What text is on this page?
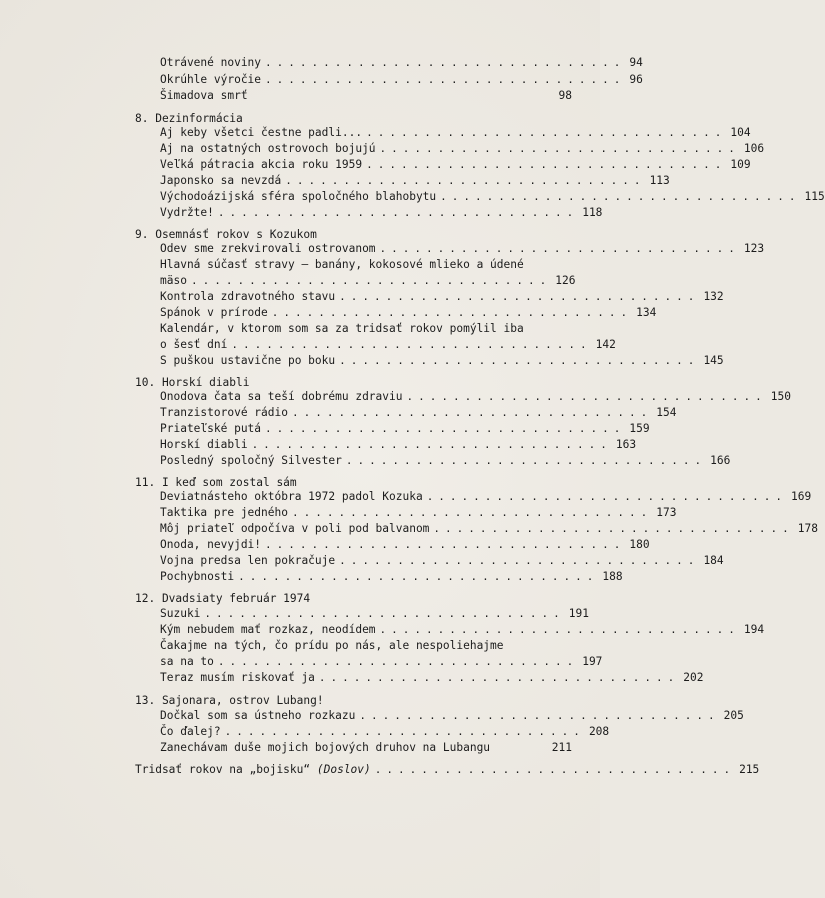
Otrávené noviny ............................... 94
Okrúhle výročie ............................... 96
Šimadova smrť	98
8. Dezinformácia
Aj keby všetci čestne padli... ............................... 104
Aj na ostatných ostrovoch bojujú ............................... 106
Veľká pátracia akcia roku 1959 ............................... 109
Japonsko sa nevzdá ............................... 113
Východoázijská sféra spoločného blahobytu ............................... 115
Vydržte! ............................... 118
9. Osemnásť rokov s Kozukom
Odev sme zrekvirovali ostrovanom ............................... 123
Hlavná súčasť stravy — banány, kokosové mlieko a údené
mäso ............................... 126
Kontrola zdravotného stavu ............................... 132
Spánok v prírode ............................... 134
Kalendár, v ktorom som sa za tridsať rokov pomýlil iba
o šesť dní ............................... 142
S puškou ustavične po boku ............................... 145
10. Horskí diabli
Onodova čata sa teší dobrému zdraviu ............................... 150
Tranzistorové rádio ............................... 154
Priateľské putá ............................... 159
Horskí diabli ............................... 163
Posledný spoločný Silvester ............................... 166
11. I keď som zostal sám
Deviatnásteho októbra 1972 padol Kozuka ............................... 169
Taktika pre jedného ............................... 173
Môj priateľ odpočíva v poli pod balvanom ............................... 178
Onoda, nevyjdi! ............................... 180
Vojna predsa len pokračuje ............................... 184
Pochybnosti ............................... 188
12. Dvadsiaty február 1974
Suzuki ............................... 191
Kým nebudem mať rozkaz, neodídem ............................... 194
Čakajme na tých, čo prídu po nás, ale nespoliehajme
sa na to ............................... 197
Teraz musím riskovať ja ............................... 202
13. Sajonara, ostrov Lubang!
Dočkal som sa ústneho rozkazu ............................... 205
Čo ďalej? ............................... 208
Zanechávam duše mojich bojových druhov na Lubangu	211
Tridsať rokov na „bojisku“ (Doslov) ............................... 215
